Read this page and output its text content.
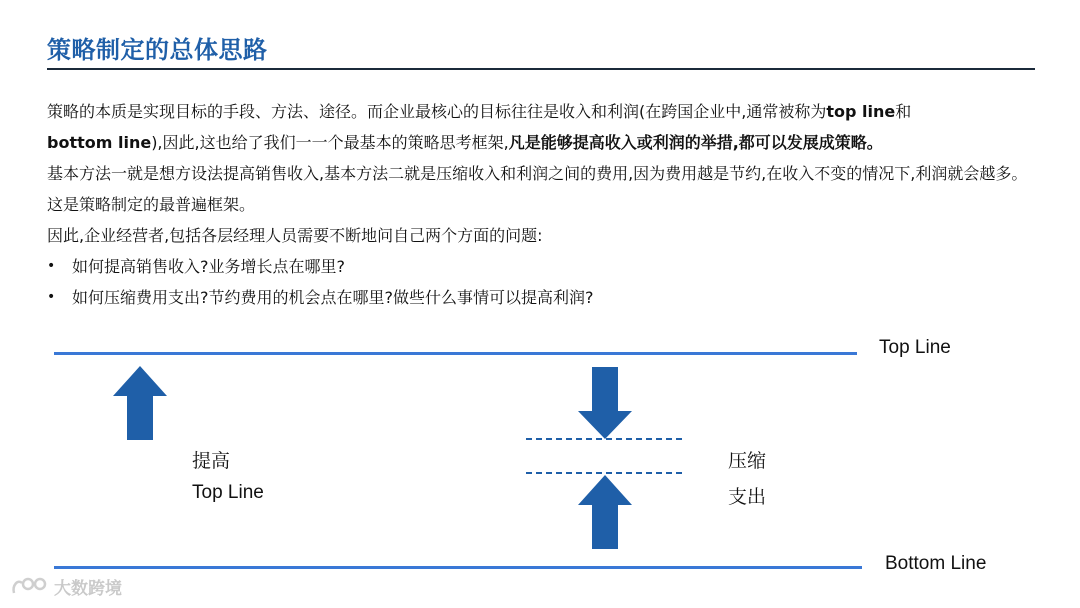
策略制定的总体思路

策略的本质是实现目标的手段、方法、途径。而企业最核心的目标往往是收入和利润(在跨国企业中,通常被称为top line和
bottom line),因此,这也给了我们一一个最基本的策略思考框架,凡是能够提高收入或利润的举措,都可以发展成策略。

基本方法一就是想方设法提高销售收入,基本方法二就是压缩收入和利润之间的费用,因为费用越是节约,在收入不变的情况下,利润就会越多。这是策略制定的最普遍框架。

因此,企业经营者,包括各层经理人员需要不断地问自己两个方面的问题:

• 如何提高销售收入?业务增长点在哪里?
• 如何压缩费用支出?节约费用的机会点在哪里?做些什么事情可以提高利润?
Top Line
Bottom Line
提高
Top Line
压缩
支出
大数跨境
